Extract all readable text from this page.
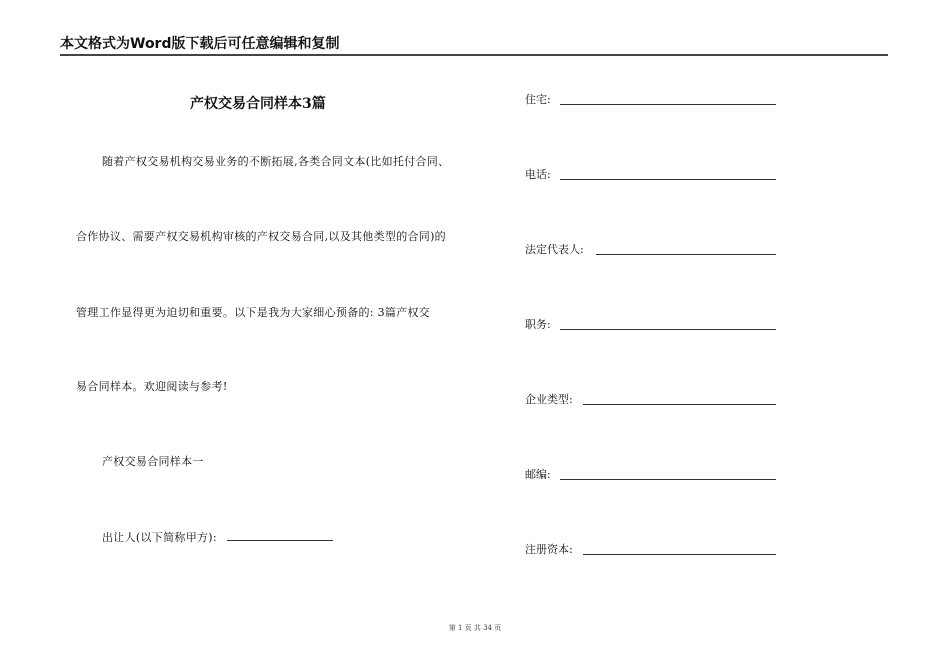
本文格式为Word版下载后可任意编辑和复制
产权交易合同样本3篇
随着产权交易机构交易业务的不断拓展,各类合同文本(比如托付合同、
合作协议、需要产权交易机构审核的产权交易合同,以及其他类型的合同)的
管理工作显得更为迫切和重要。以下是我为大家细心预备的: 3篇产权交
易合同样本。欢迎阅读与参考!
产权交易合同样本一
出让人(以下简称甲方):
住宅:
电话:
法定代表人:
职务:
企业类型:
邮编:
注册资本:
第 1 页 共 34 页
